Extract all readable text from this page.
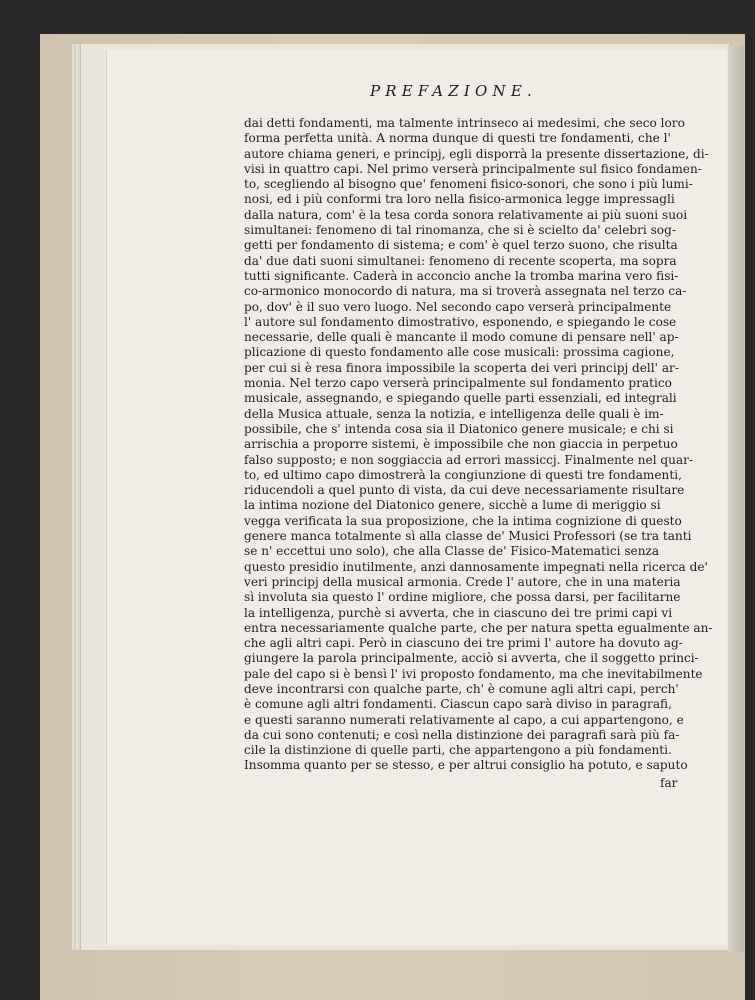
PREFAZIONE.
dai detti fondamenti, ma talmente intrinseco ai medesimi, che seco loro
forma perfetta unità. A norma dunque di questi tre fondamenti, che l'
autore chiama generi, e principj, egli disporrà la presente dissertazione, di-
visi in quattro capi. Nel primo verserà principalmente sul fisico fondamen-
to, scegliendo al bisogno que' fenomeni fisico-sonori, che sono i più lumi-
nosi, ed i più conformi tra loro nella fisico-armonica legge impressagli
dalla natura, com' è la tesa corda sonora relativamente ai più suoni suoi
simultanei: fenomeno di tal rinomanza, che si è scielto da' celebri sog-
getti per fondamento di sistema; e com' è quel terzo suono, che risulta
da' due dati suoni simultanei: fenomeno di recente scoperta, ma sopra
tutti significante. Caderà in acconcio anche la tromba marina vero fisi-
co-armonico monocordo di natura, ma si troverà assegnata nel terzo ca-
po, dov' è il suo vero luogo. Nel secondo capo verserà principalmente
l' autore sul fondamento dimostrativo, esponendo, e spiegando le cose
necessarie, delle quali è mancante il modo comune di pensare nell' ap-
plicazione di questo fondamento alle cose musicali: prossima cagione,
per cui si è resa finora impossibile la scoperta dei veri principj dell' ar-
monia. Nel terzo capo verserà principalmente sul fondamento pratico
musicale, assegnando, e spiegando quelle parti essenziali, ed integrali
della Musica attuale, senza la notizia, e intelligenza delle quali è im-
possibile, che s' intenda cosa sia il Diatonico genere musicale; e chi si
arrischia a proporre sistemi, è impossibile che non giaccia in perpetuo
falso supposto; e non soggiaccia ad errori massiccj. Finalmente nel quar-
to, ed ultimo capo dimostrerà la congiunzione di questi tre fondamenti,
riducendoli a quel punto di vista, da cui deve necessariamente risultare
la intima nozione del Diatonico genere, sicchè a lume di meriggio si
vegga verificata la sua proposizione, che la intima cognizione di questo
genere manca totalmente sì alla classe de' Musici Professori (se tra tanti
se n' eccettui uno solo), che alla Classe de' Fisico-Matematici senza
questo presidio inutilmente, anzi dannosamente impegnati nella ricerca de'
veri principj della musical armonia. Crede l' autore, che in una materia
sì involuta sia questo l' ordine migliore, che possa darsi, per facilitarne
la intelligenza, purchè si avverta, che in ciascuno dei tre primi capi vi
entra necessariamente qualche parte, che per natura spetta egualmente an-
che agli altri capi. Però in ciascuno dei tre primi l' autore ha dovuto ag-
giungere la parola principalmente, acciò si avverta, che il soggetto princi-
pale del capo si è bensì l' ivi proposto fondamento, ma che inevitabilmente
deve incontrarsi con qualche parte, ch' è comune agli altri capi, perch'
è comune agli altri fondamenti. Ciascun capo sarà diviso in paragrafi,
e questi saranno numerati relativamente al capo, a cui appartengono, e
da cui sono contenuti; e così nella distinzione dei paragrafi sarà più fa-
cile la distinzione di quelle parti, che appartengono a più fondamenti.
Insomma quanto per se stesso, e per altrui consiglio ha potuto, e saputo
far
